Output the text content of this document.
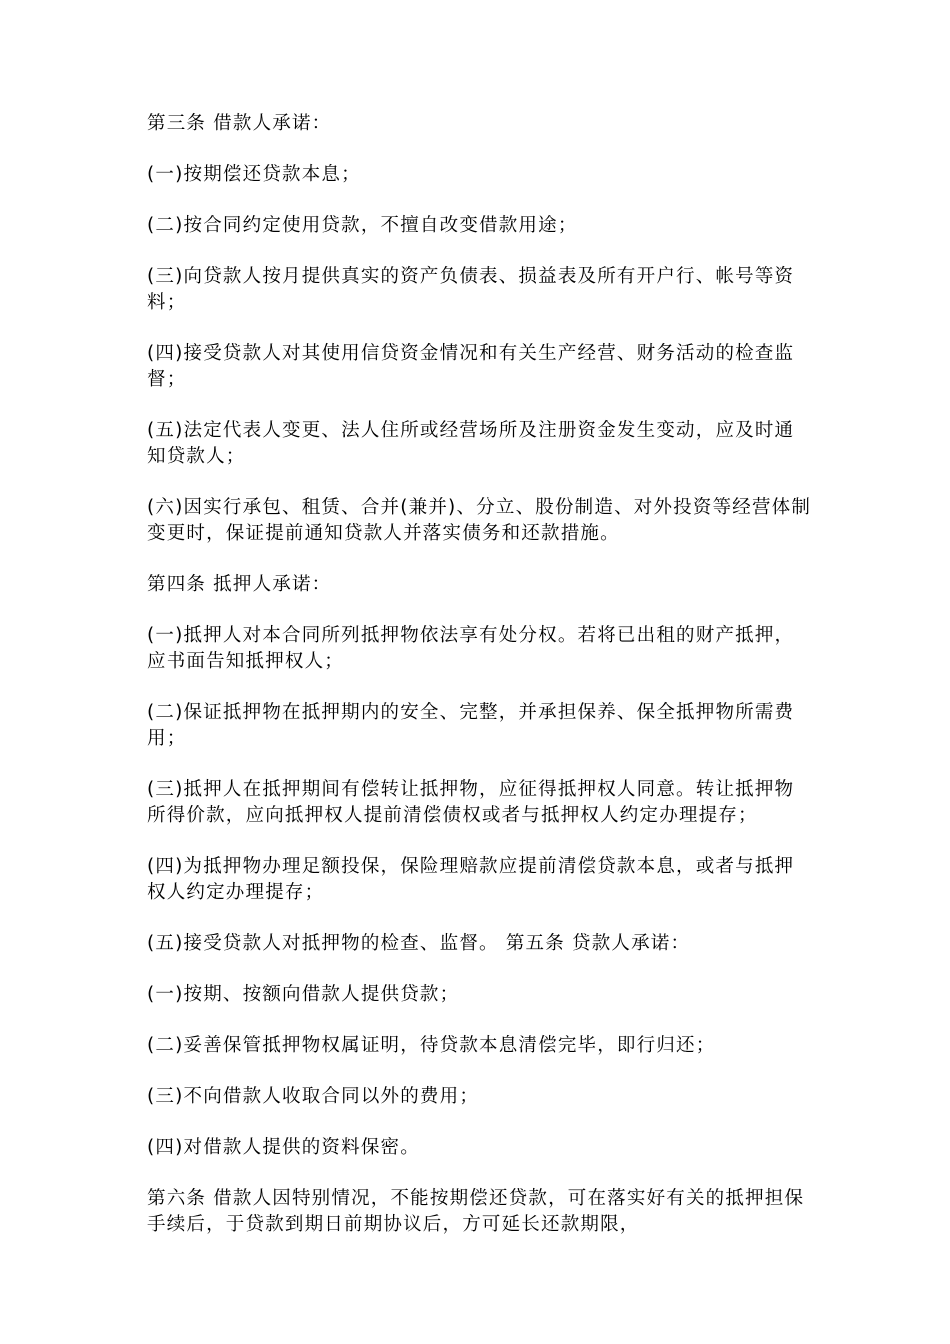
第三条 借款人承诺：

(一)按期偿还贷款本息；

(二)按合同约定使用贷款，不擅自改变借款用途；

(三)向贷款人按月提供真实的资产负债表、损益表及所有开户行、帐号等资料；

(四)接受贷款人对其使用信贷资金情况和有关生产经营、财务活动的检查监督；

(五)法定代表人变更、法人住所或经营场所及注册资金发生变动，应及时通知贷款人；

(六)因实行承包、租赁、合并(兼并)、分立、股份制造、对外投资等经营体制变更时，保证提前通知贷款人并落实债务和还款措施。

第四条 抵押人承诺：

(一)抵押人对本合同所列抵押物依法享有处分权。若将已出租的财产抵押，应书面告知抵押权人；

(二)保证抵押物在抵押期内的安全、完整，并承担保养、保全抵押物所需费用；

(三)抵押人在抵押期间有偿转让抵押物，应征得抵押权人同意。转让抵押物所得价款，应向抵押权人提前清偿债权或者与抵押权人约定办理提存；

(四)为抵押物办理足额投保，保险理赔款应提前清偿贷款本息，或者与抵押权人约定办理提存；

(五)接受贷款人对抵押物的检查、监督。 第五条 贷款人承诺：

(一)按期、按额向借款人提供贷款；

(二)妥善保管抵押物权属证明，待贷款本息清偿完毕，即行归还；

(三)不向借款人收取合同以外的费用；

(四)对借款人提供的资料保密。

第六条 借款人因特别情况，不能按期偿还贷款，可在落实好有关的抵押担保手续后，于贷款到期日前期协议后，方可延长还款期限，
